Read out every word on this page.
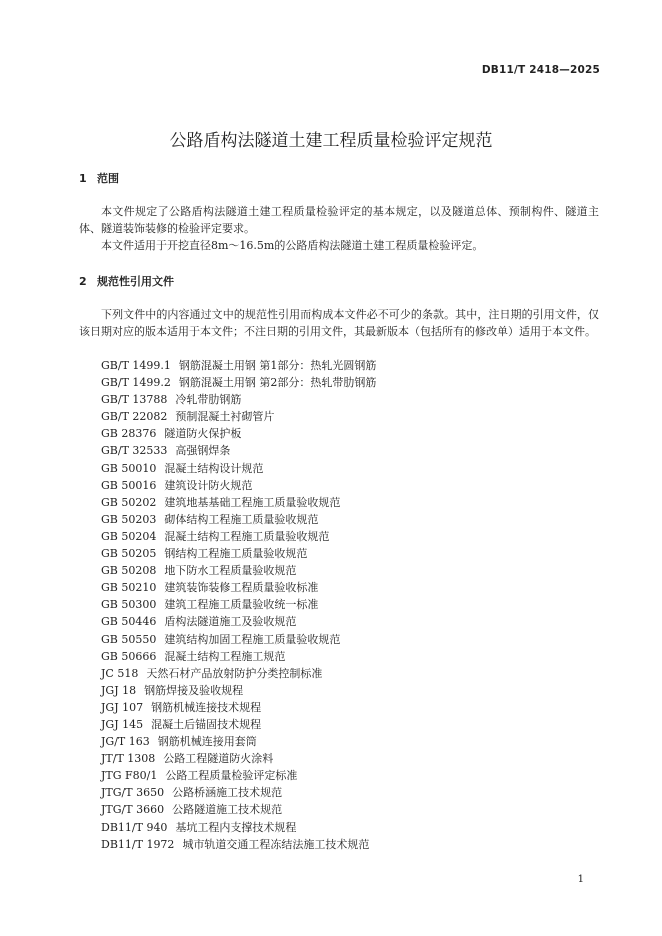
DB11/T 2418—2025
公路盾构法隧道土建工程质量检验评定规范
1 范围

本文件规定了公路盾构法隧道土建工程质量检验评定的基本规定，以及隧道总体、预制构件、隧道主体、隧道装饰装修的检验评定要求。

本文件适用于开挖直径8m～16.5m的公路盾构法隧道土建工程质量检验评定。

2 规范性引用文件

下列文件中的内容通过文中的规范性引用而构成本文件必不可少的条款。其中，注日期的引用文件，仅该日期对应的版本适用于本文件；不注日期的引用文件，其最新版本（包括所有的修改单）适用于本文件。

GB/T 1499.1 钢筋混凝土用钢 第1部分：热轧光圆钢筋
GB/T 1499.2 钢筋混凝土用钢 第2部分：热轧带肋钢筋
GB/T 13788 冷轧带肋钢筋
GB/T 22082 预制混凝土衬砌管片
GB 28376 隧道防火保护板
GB/T 32533 高强钢焊条
GB 50010 混凝土结构设计规范
GB 50016 建筑设计防火规范
GB 50202 建筑地基基础工程施工质量验收规范
GB 50203 砌体结构工程施工质量验收规范
GB 50204 混凝土结构工程施工质量验收规范
GB 50205 钢结构工程施工质量验收规范
GB 50208 地下防水工程质量验收规范
GB 50210 建筑装饰装修工程质量验收标准
GB 50300 建筑工程施工质量验收统一标准
GB 50446 盾构法隧道施工及验收规范
GB 50550 建筑结构加固工程施工质量验收规范
GB 50666 混凝土结构工程施工规范
JC 518 天然石材产品放射防护分类控制标准
JGJ 18 钢筋焊接及验收规程
JGJ 107 钢筋机械连接技术规程
JGJ 145 混凝土后锚固技术规程
JG/T 163 钢筋机械连接用套筒
JT/T 1308 公路工程隧道防火涂料
JTG F80/1 公路工程质量检验评定标准
JTG/T 3650 公路桥涵施工技术规范
JTG/T 3660 公路隧道施工技术规范
DB11/T 940 基坑工程内支撑技术规程
DB11/T 1972 城市轨道交通工程冻结法施工技术规范
1
